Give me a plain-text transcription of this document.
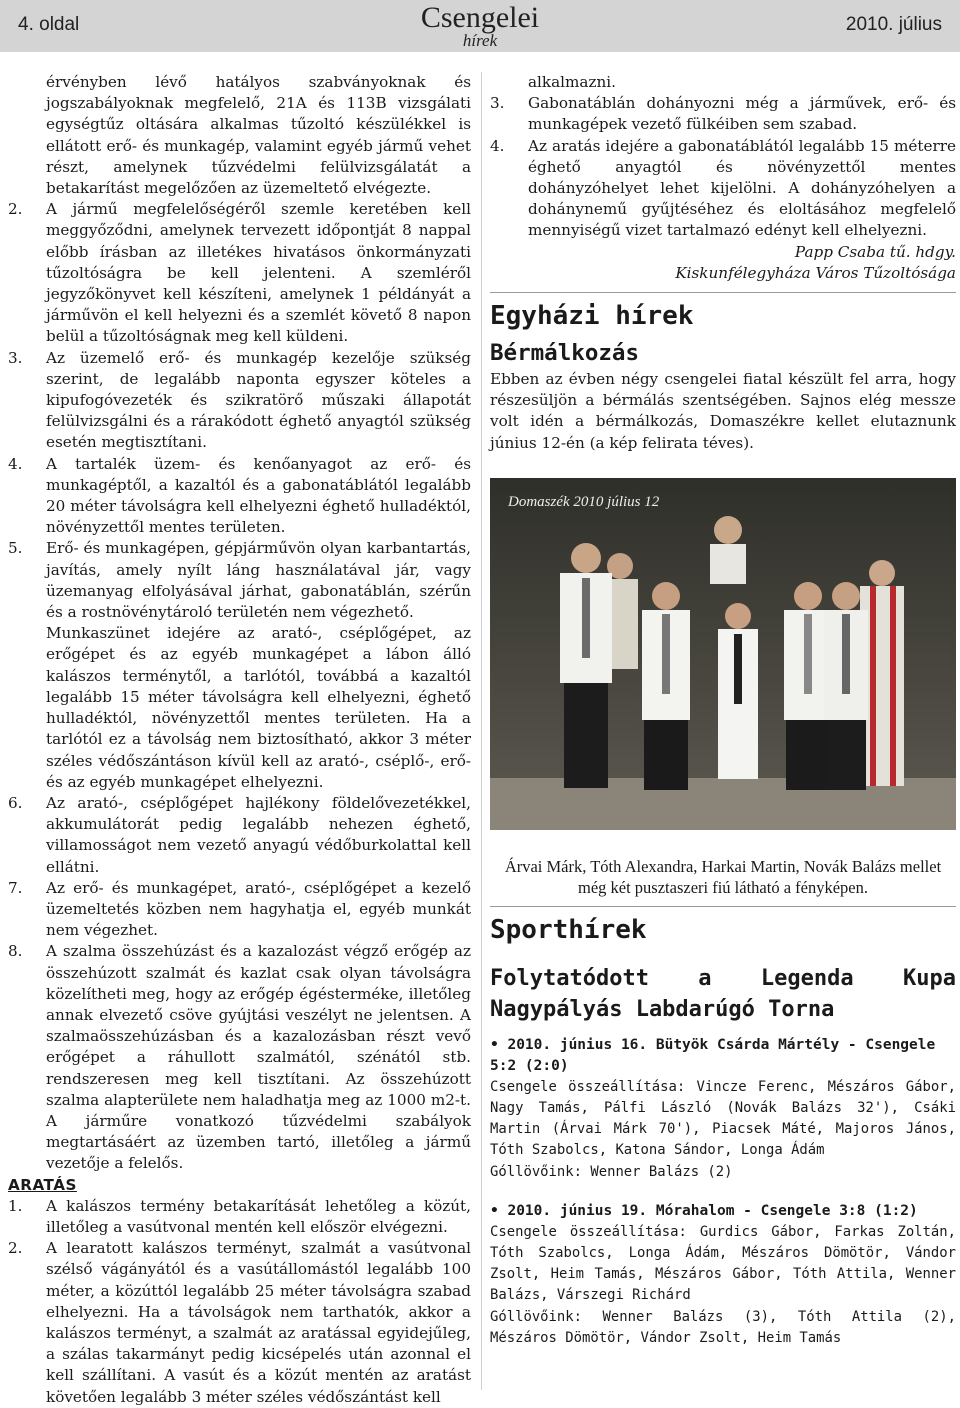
4. oldal	Csengelei
hírek
2010. július

érvényben lévő hatályos szabványoknak és jogszabályoknak megfelelő, 21A és 113B vizsgálati egységtűz oltására alkalmas tűzoltó készülékkel is ellátott erő- és munkagép, valamint egyéb jármű vehet részt, amelynek tűzvédelmi felülvizsgálatát a betakarítást megelőzően az üzemeltető elvégezte.

2.	A jármű megfelelőségéről szemle keretében kell meggyőződni, amelynek tervezett időpontját 8 nappal előbb írásban az illetékes hivatásos önkormányzati tűzoltóságra be kell jelenteni. A szemléről jegyzőkönyvet kell készíteni, amelynek 1 példányát a járművön el kell helyezni és a szemlét követő 8 napon belül a tűzoltóságnak meg kell küldeni.
3.	Az üzemelő erő- és munkagép kezelője szükség szerint, de legalább naponta egyszer köteles a kipufogóvezeték és szikratörő műszaki állapotát felülvizsgálni és a rárakódott éghető anyagtól szükség esetén megtisztítani.
4.	A tartalék üzem- és kenőanyagot az erő- és munkagéptől, a kazaltól és a gabonatáblától legalább 20 méter távolságra kell elhelyezni éghető hulladéktól, növényzettől mentes területen.
5.	Erő- és munkagépen, gépjárművön olyan karbantartás, javítás, amely nyílt láng használatával jár, vagy üzemanyag elfolyásával járhat, gabonatáblán, szérűn és a rostnövénytároló területén nem végezhető.

Munkaszünet idejére az arató-, cséplőgépet, az erőgépet és az egyéb munkagépet a lábon álló kalászos terménytől, a tarlótól, továbbá a kazaltól legalább 15 méter távolságra kell elhelyezni, éghető hulladéktól, növényzettől mentes területen. Ha a tarlótól ez a távolság nem biztosítható, akkor 3 méter széles védőszántáson kívül kell az arató-, cséplő-, erő- és az egyéb munkagépet elhelyezni.

6.	Az arató-, cséplőgépet hajlékony földelővezetékkel, akkumulátorát pedig legalább nehezen éghető, villamosságot nem vezető anyagú védőburkolattal kell ellátni.
7.	Az erő- és munkagépet, arató-, cséplőgépet a kezelő üzemeltetés közben nem hagyhatja el, egyéb munkát nem végezhet.
8.	A szalma összehúzást és a kazalozást végző erőgép az összehúzott szalmát és kazlat csak olyan távolságra közelítheti meg, hogy az erőgép égésterméke, illetőleg annak elvezető csöve gyújtási veszélyt ne jelentsen. A szalmaösszehúzásban és a kazalozásban részt vevő erőgépet a ráhullott szalmától, szénától stb. rendszeresen meg kell tisztítani. Az összehúzott szalma alapterülete nem haladhatja meg az 1000 m2-t. A járműre vonatkozó tűzvédelmi szabályok megtartásáért az üzemben tartó, illetőleg a jármű vezetője a felelős.

ARATÁS

1.	A kalászos termény betakarítását lehetőleg a közút, illetőleg a vasútvonal mentén kell először elvégezni.
2.	A learatott kalászos terményt, szalmát a vasútvonal szélső vágányától és a vasútállomástól legalább 100 méter, a közúttól legalább 25 méter távolságra szabad elhelyezni. Ha a távolságok nem tarthatók, akkor a kalászos terményt, a szalmát az aratással egyidejűleg, a szálas takarmányt pedig kicsépelés után azonnal el kell szállítani. A vasút és a közút mentén az aratást követően legalább 3 méter széles védőszántást kell

alkalmazni.

3.	Gabonatáblán dohányozni még a járművek, erő- és munkagépek vezető fülkéiben sem szabad.
4.	Az aratás idejére a gabonatáblától legalább 15 méterre éghető anyagtól és növényzettől mentes dohányzóhelyet lehet kijelölni. A dohányzóhelyen a dohánynemű gyűjtéséhez és eloltásához megfelelő mennyiségű vizet tartalmazó edényt kell elhelyezni.

Papp Csaba tű. hdgy.

Kiskunfélegyháza Város Tűzoltósága

Egyházi hírek
Bérmálkozás

Ebben az évben négy csengelei fiatal készült fel arra, hogy részesüljön a bérmálás szentségében. Sajnos elég messze volt idén a bérmálkozás, Domaszékre kellet elutaznunk június 12-én (a kép felirata téves).

Domaszék 2010 július 12

Árvai Márk, Tóth Alexandra, Harkai Martin, Novák Balázs mellet még két pusztaszeri fiú látható a fényképen.

Sporthírek
Folytatódott a Legenda Kupa
Nagypályás Labdarúgó Torna

• 2010. június 16. Bütyök Csárda Mártély - Csengele 5:2 (2:0)

Csengele összeállítása: Vincze Ferenc, Mészáros Gábor, Nagy Tamás, Pálfi László (Novák Balázs 32'), Csáki Martin (Árvai Márk 70'), Piacsek Máté, Majoros János, Tóth Szabolcs, Katona Sándor, Longa Ádám

Góllövőink: Wenner Balázs (2)

• 2010. június 19. Mórahalom - Csengele 3:8 (1:2)

Csengele összeállítása: Gurdics Gábor, Farkas Zoltán, Tóth Szabolcs, Longa Ádám, Mészáros Dömötör, Vándor Zsolt, Heim Tamás, Mészáros Gábor, Tóth Attila, Wenner Balázs, Várszegi Richárd

Góllövőink: Wenner Balázs (3), Tóth Attila (2), Mészáros Dömötör, Vándor Zsolt, Heim Tamás
